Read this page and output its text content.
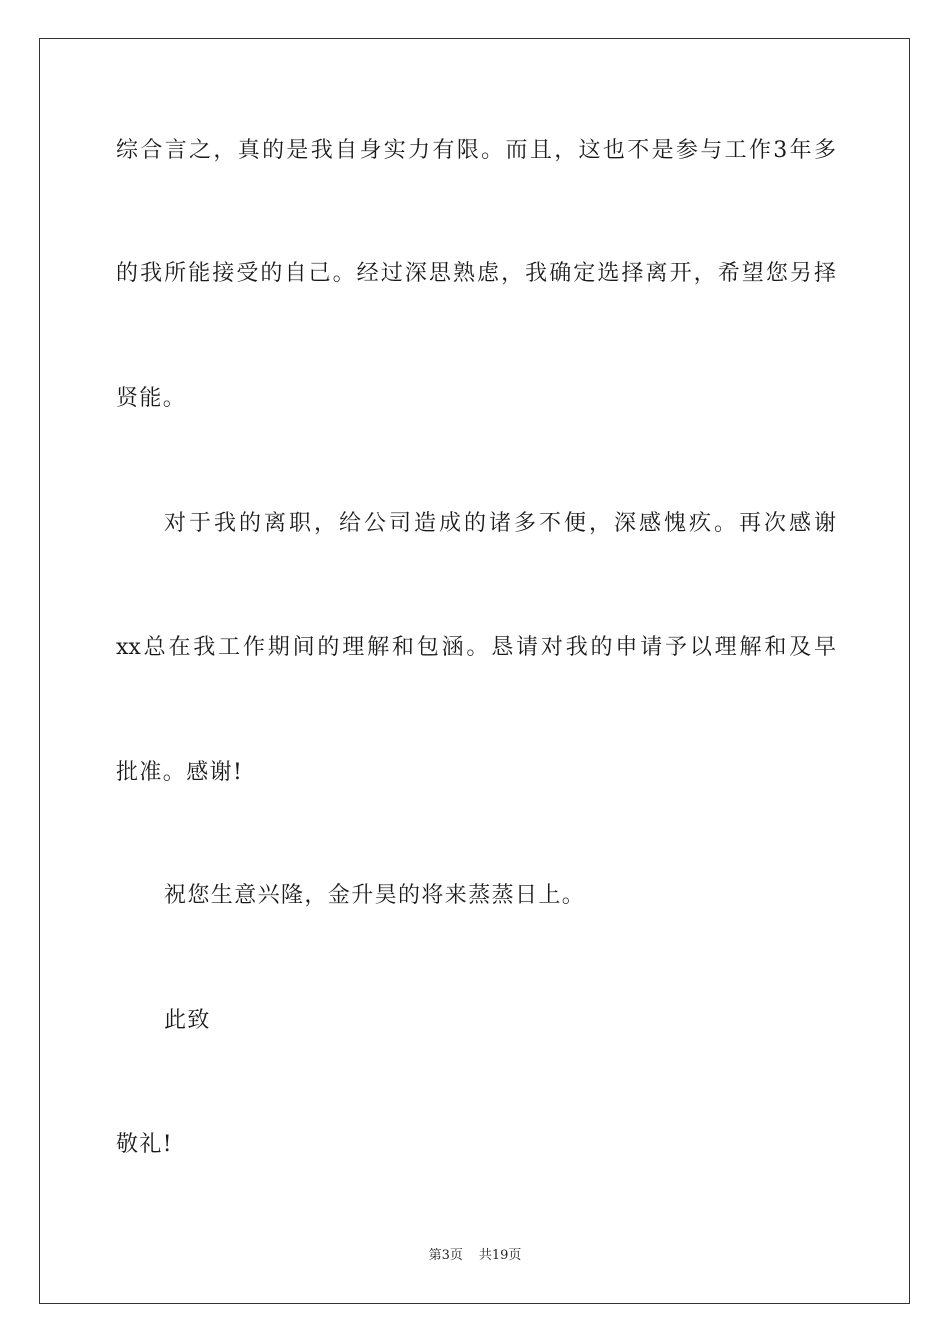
综合言之，真的是我自身实力有限。而且，这也不是参与工作3年多
的我所能接受的自己。经过深思熟虑，我确定选择离开，希望您另择
贤能。
对于我的离职，给公司造成的诸多不便，深感愧疚。再次感谢
xx总在我工作期间的理解和包涵。恳请对我的申请予以理解和及早
批准。感谢!
祝您生意兴隆，金升昊的将来蒸蒸日上。
此致
敬礼!
第3页 共19页
